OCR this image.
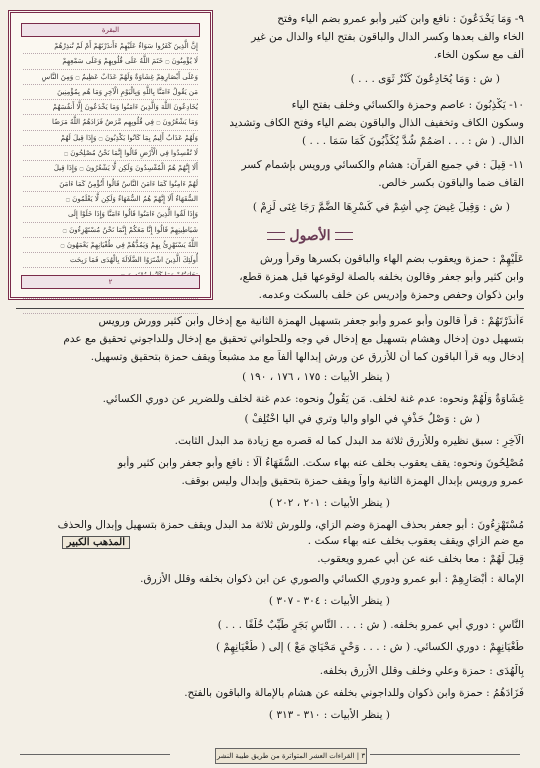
البقرة
إِنَّ الَّذِينَ كَفَرُوا سَوَاءٌ عَلَيْهِمْ ءَأَنذَرْتَهُمْ أَمْ لَمْ تُنذِرْهُمْ
لَا يُؤْمِنُونَ ۝ خَتَمَ اللَّهُ عَلَى قُلُوبِهِمْ وَعَلَى سَمْعِهِمْ
وَعَلَى أَبْصَارِهِمْ غِشَاوَةٌ وَلَهُمْ عَذَابٌ عَظِيمٌ ۝ وَمِنَ النَّاسِ
مَن يَقُولُ ءَامَنَّا بِاللَّهِ وَبِالْيَوْمِ الْآخِرِ وَمَا هُم بِمُؤْمِنِينَ
يُخَادِعُونَ اللَّهَ وَالَّذِينَ ءَامَنُوا وَمَا يَخْدَعُونَ إِلَّا أَنفُسَهُمْ
وَمَا يَشْعُرُونَ ۝ فِي قُلُوبِهِم مَّرَضٌ فَزَادَهُمُ اللَّهُ مَرَضًا
وَلَهُمْ عَذَابٌ أَلِيمٌ بِمَا كَانُوا يَكْذِبُونَ ۝ وَإِذَا قِيلَ لَهُمْ
لَا تُفْسِدُوا فِي الْأَرْضِ قَالُوا إِنَّمَا نَحْنُ مُصْلِحُونَ ۝
أَلَا إِنَّهُمْ هُمُ الْمُفْسِدُونَ وَلَكِن لَّا يَشْعُرُونَ ۝ وَإِذَا قِيلَ
لَهُمْ ءَامِنُوا كَمَا ءَامَنَ النَّاسُ قَالُوا أَنُؤْمِنُ كَمَا ءَامَنَ
السُّفَهَاءُ أَلَا إِنَّهُمْ هُمُ السُّفَهَاءُ وَلَكِن لَّا يَعْلَمُونَ ۝
وَإِذَا لَقُوا الَّذِينَ ءَامَنُوا قَالُوا ءَامَنَّا وَإِذَا خَلَوْا إِلَى
شَيَاطِينِهِمْ قَالُوا إِنَّا مَعَكُمْ إِنَّمَا نَحْنُ مُسْتَهْزِءُونَ ۝
اللَّهُ يَسْتَهْزِئُ بِهِمْ وَيَمُدُّهُمْ فِي طُغْيَانِهِمْ يَعْمَهُونَ ۝
أُولَئِكَ الَّذِينَ اشْتَرَوُا الضَّلَالَةَ بِالْهُدَى فَمَا رَبِحَت
٢
٩- وَمَا يَخْدَعُونَ : نافع وابن كثير وأبو عمرو بضم الياء وفتح
الخاء والف بعدها وكسر الدال والباقون بفتح الياء والدال من غير
ألف مع سكون الخاء.
( ش : وَمَا يُخَادِعُونَ كَنْزٌ ثَوَى . . . )
١٠- يَكْذِبُونَ : عاصم وحمزة والكسائي وخلف بفتح الياء
وسكون الكاف وتخفيف الذال والباقون بضم الياء وفتح الكاف وتشديد
الذال. ( ش : . . . اضمُمْ شُدَّ يُكَذِّبُونَ كَمَا سَمَا . . . )
١١- قِيلَ : في جميع القرآن: هشام والكسائي ورويس بإشمام كسر
القاف ضما والباقون بكسر خالص.
( ش : وَقِيلَ غِيضَ جِي أُشِمْ في كَسْرِهَا الضَّمَّ رَجَا غِنَى لَزِمْ )
الأصول
عَلَيْهِمْ : حمزة ويعقوب بضم الهاء والباقون بكسرها وقرأ ورش
وابن كثير وأبو جعفر وقالون بخلفه بالصلة لوقوعها قبل همزة قطع،
وابن ذكوان وحفص وحمزة وإدريس عن خلف بالسكت وعدمه.
ءَأَنذَرْتَهُمْ : قرأ قالون وأبو عمرو وأبو جعفر بتسهيل الهمزة الثانية مع إدخال وابن كثير وورش ورويس
بتسهيل دون إدخال وهشام بتسهيل مع إدخال في وجه وللحلواني تحقيق مع إدخال وللداجوني تحقيق مع عدم
إدخال ويه قرأ الباقون كما أن للأزرق عن ورش إبدالها ألفاً مع مد مشبعاً ويقف حمزة بتحقيق وتسهيل.
( ينظر الأبيات : ١٧٥ ، ١٧٦ ، ١٩٠ )
غِشَاوَةٌ وَلَهُمْ ونحوه: عدم غنة لخلف. مَن يَقُولُ ونحوه: عدم غنة لخلف وللضرير عن دوري الكسائي.
( ش : وَصْلُ حَذْفٍ في الواو واليا وتري في اليا اخْتُلِفْ )
الْآخِرِ : سبق نظيره وللأزرق ثلاثة مد البدل كما له قصره مع زيادة مد البدل الثابت.
مُصْلِحُونَ ونحوه: يقف يعقوب بخلف عنه بهاء سكت. السُّفَهَاءُ أَلَا : نافع وأبو جعفر وابن كثير وأبو
عمرو ورويس بإبدال الهمزة الثانية واواً ويقف حمزة بتحقيق وإبدال وليس بوقف.
( ينظر الأبيات : ٢٠١ ، ٢٠٢ )
مُسْتَهْزِءُونَ : أبو جعفر بحذف الهمزة وضم الزاي، وللورش ثلاثة مد البدل ويقف حمزة بتسهيل وإبدال والحذف
مع ضم الزاي ويقف يعقوب بخلف عنه بهاء سكت .
قِيلَ لَهُمْ : معا بخلف عنه عن أبي عمرو ويعقوب.
المذهب الكبير
الإمالة : أَبْصَارِهِمْ : أبو عمرو ودوري الكسائي والصوري عن ابن ذكوان بخلفه وقلل الأزرق.
( ينظر الأبيات : ٣٠٤ - ٣٠٧ )
النَّاسِ : دوري أبي عمرو بخلفه. ( ش : . . . النَّاسِ بَجَرٍ طَيِّبٌ خُلْفًا . . . )
طُغْيَانِهِمْ : دوري الكسائي. ( ش : . . . وَحْيٍ مَحْيَايَ مَعْ ) إلى ( طُغْيَانِهِمْ )
بِالْهُدَى : حمزة وعلي وخلف وقلل الأزرق بخلفه.
فَزَادَهُمُ : حمزة وابن ذكوان وللداجوني بخلفه عن هشام بالإمالة والباقون بالفتح.
( ينظر الأبيات : ٣١٠ - ٣١٣ )
٣ | القراءات العشر المتواترة من طريق طيبة النشر
